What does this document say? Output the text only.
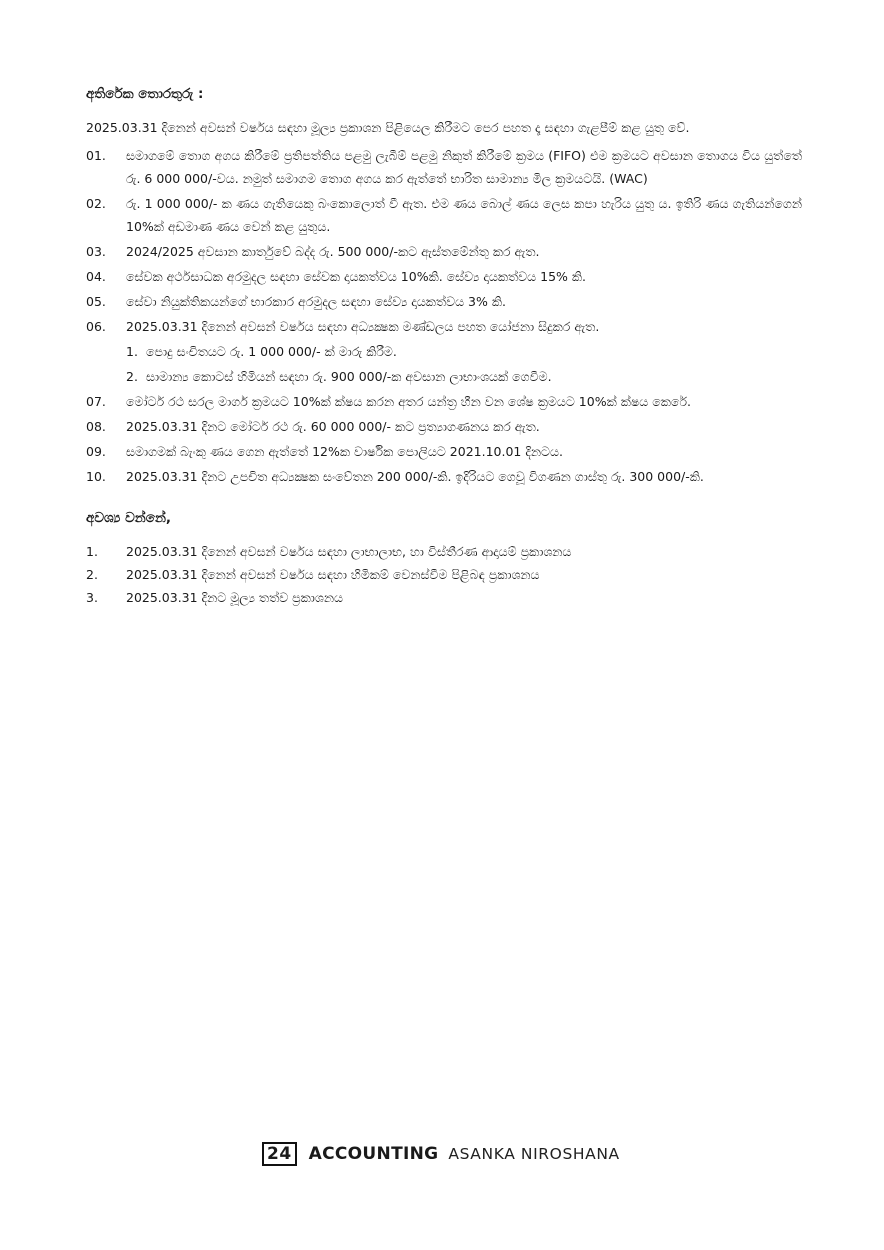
අතිරේක තොරතුරු :
2025.03.31 දිනෙන් අවසන් වර්ෂය සඳහා මූල්‍ය ප්‍රකාශන පිළියෙල කිරීමට පෙර පහත දෑ සඳහා ගැළපීම් කළ යුතු වේ.
01.	සමාගමේ තොග අගය කිරීමේ ප්‍රතිපත්තිය පළමු ලැබීම් පළමු නිකුත් කිරීමේ ක්‍රමය (FIFO) එම ක්‍රමයට අවසාන තොගය විය යුත්තේ රු. 6 000 000/-වය. නමුත් සමාගම තොග අගය කර ඇත්තේ භාරිත සාමාන්‍ය මිල ක්‍රමයටයි. (WAC)
02.	රු. 1 000 000/- ක ණය ගැතියෙකු බංකොලොත් වී ඇත. එම ණය බොල් ණය ලෙස කපා හැරිය යුතු ය. ඉතිරි ණය ගැතියන්ගෙන් 10%ක් අඩමාණ ණය වෙන් කළ යුතුය.
03.	2024/2025 අවසාන කාර්තුවේ බද්ද රු. 500 000/-කට ඇස්තමේන්තු කර ඇත.
04.	සේවක අර්ථසාධක අරමුදල සඳහා සේවක දායකත්වය 10%කි. සේව්‍ය දායකත්වය 15% කි.
05.	සේවා නියුක්තිකයන්ගේ භාරකාර අරමුදල සඳහා සේව්‍ය දායකත්වය 3% කි.
06.	2025.03.31 දිනෙන් අවසන් වර්ෂය සඳහා අධ්‍යක්‍ෂක මණ්ඩලය පහත යෝජනා සිදුකර ඇත.
1. පොදු සංචිතයට රු. 1 000 000/- ක් මාරු කිරීම.
2. සාමාන්‍ය කොටස් හිමියන් සඳහා රු. 900 000/-ක අවසාන ලාභාංශයක් ගෙවීම.
07.	මෝටර් රථ සරල මාර්ග ක්‍රමයට 10%ක් ක්ෂය කරන අතර යන්ත්‍ර හීන වන ශේෂ ක්‍රමයට 10%ක් ක්ෂය කෙරේ.
08.	2025.03.31 දිනට මෝටර් රථ රු. 60 000 000/- කට ප්‍රත්‍යාගණනය කර ඇත.
09.	සමාගමක් බැංකු ණය ගෙන ඇත්තේ 12%ක වාර්ෂික පොලියට 2021.10.01 දිනටය.
10.	2025.03.31 දිනට උපචිත අධ්‍යක්‍ෂක සංවේතන 200 000/-කි. ඉදිරියට ගෙවූ විගණන ගාස්තු රු. 300 000/-කි.
අවශ්‍ය වන්නේ,
1.	2025.03.31 දිනෙන් අවසන් වර්ෂය සඳහා ලාභාලාභ, හා විස්තීරණ ආදායම් ප්‍රකාශනය
2.	2025.03.31 දිනෙන් අවසන් වර්ෂය සඳහා හිමිකම් වෙනස්වීම පිළිබඳ ප්‍රකාශනය
3.	2025.03.31 දිනට මූල්‍ය තත්ව ප්‍රකාශනය
24 ACCOUNTING ASANKA NIROSHANA
